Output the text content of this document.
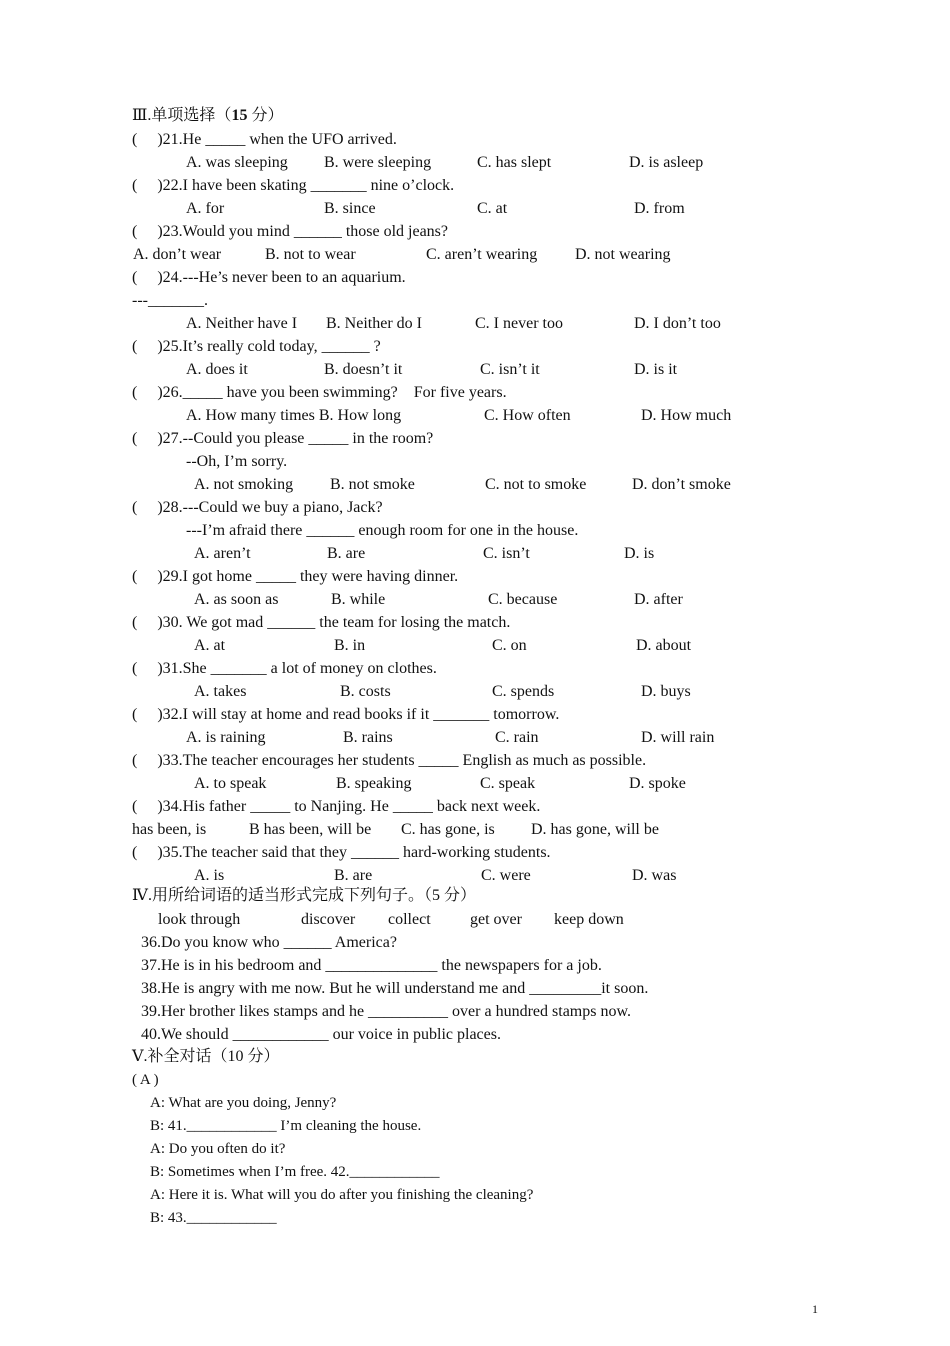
Ⅲ.单项选择（15 分）
(     )21.He _____ when the UFO arrived.
A. was sleeping B. were sleeping	C. has slept	D. is asleep
(     )22.I have been skating _______ nine o’clock.
A. for	B. since	C. at	D. from
(     )23.Would you mind ______ those old jeans?
A. don’t wear	B. not to wear	C. aren’t wearing D. not wearing
(     )24.---He’s never been to an aquarium.
---_______.
A. Neither have I B. Neither do I	C. I never too	D. I don’t too
(     )25.It’s really cold today, ______ ?
A. does it	B. doesn’t it	C. isn’t it	D. is it
(     )26._____ have you been swimming?    For five years.
A. How many times B. How long	C. How often	D. How much
(     )27.--Could you please _____ in the room?
--Oh, I’m sorry.
A. not smoking B. not smoke	C. not to smoke	D. don’t smoke
(     )28.---Could we buy a piano, Jack?
---I’m afraid there ______ enough room for one in the house.
A. aren’t	B. are	C. isn’t	D. is
(     )29.I got home _____ they were having dinner.
A. as soon as	B. while	C. because	D. after
(     )30. We got mad ______ the team for losing the match.
A. at	B. in	C. on	D. about
(     )31.She _______ a lot of money on clothes.
A. takes	B. costs	C. spends	D. buys
(     )32.I will stay at home and read books if it _______ tomorrow.
A. is raining	B. rains	C. rain	D. will rain
(     )33.The teacher encourages her students _____ English as much as possible.
A. to speak	B. speaking	C. speak	D. spoke
(     )34.His father _____ to Nanjing. He _____ back next week.
has been, is	B has been, will be C. has gone, is D. has gone, will be
(     )35.The teacher said that they ______ hard-working students.
A. is	B. are	C. were	D. was
Ⅳ.用所给词语的适当形式完成下列句子。（5 分）
look through	discover collect get over keep down
36.Do you know who ______ America?
37.He is in his bedroom and ______________ the newspapers for a job.
38.He is angry with me now. But he will understand me and _________it soon.
39.Her brother likes stamps and he __________ over a hundred stamps now.
40.We should ____________ our voice in public places.
Ⅴ.补全对话（10 分）
( A )
A: What are you doing, Jenny?
B: 41.____________ I’m cleaning the house.
A: Do you often do it?
B: Sometimes when I’m free. 42.____________
A: Here it is. What will you do after you finishing the cleaning?
B: 43.____________
1
